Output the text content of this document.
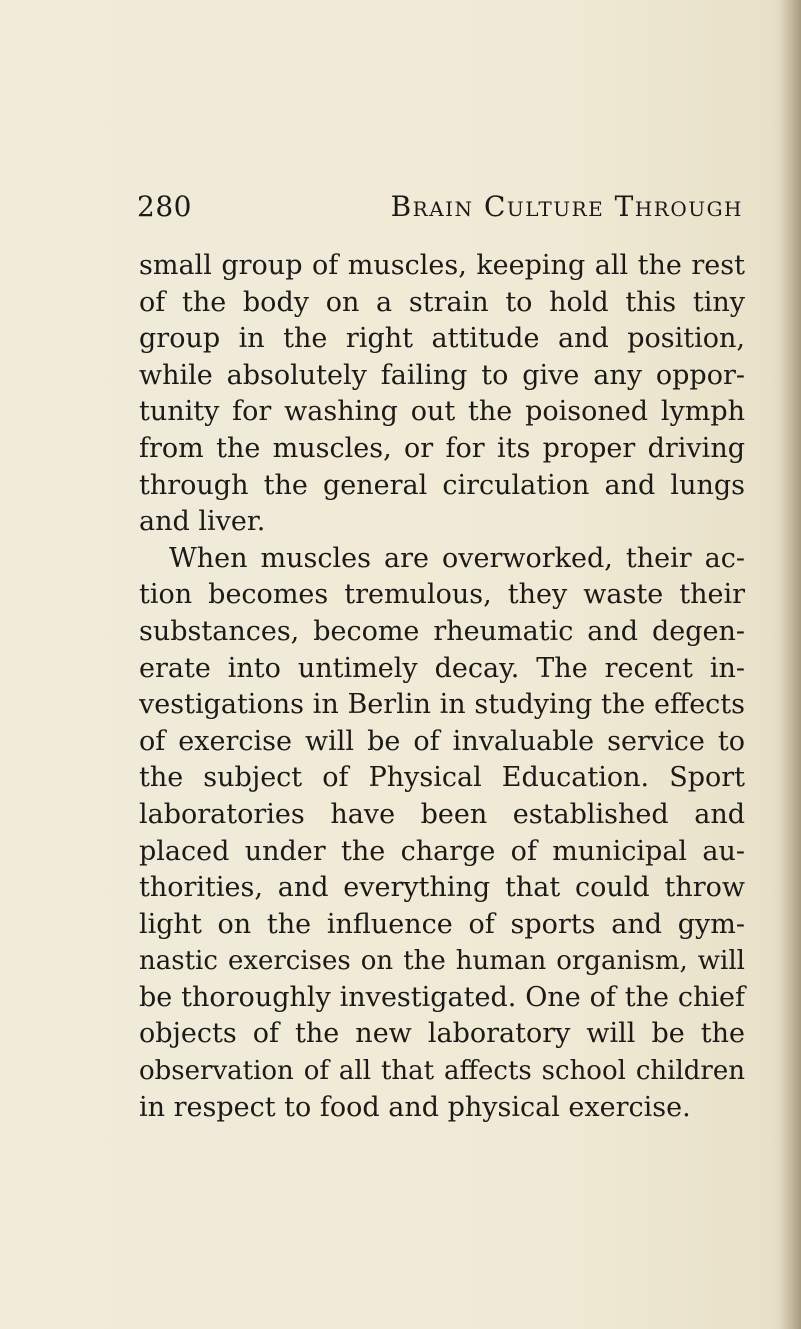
280	Brain Culture Through
small group of muscles, keeping all the rest
of the body on a strain to hold this tiny
group in the right attitude and position,
while absolutely failing to give any oppor-
tunity for washing out the poisoned lymph
from the muscles, or for its proper driving
through the general circulation and lungs
and liver.
When muscles are overworked, their ac-
tion becomes tremulous, they waste their
substances, become rheumatic and degen-
erate into untimely decay. The recent in-
vestigations in Berlin in studying the effects
of exercise will be of invaluable service to
the subject of Physical Education. Sport
laboratories have been established and
placed under the charge of municipal au-
thorities, and everything that could throw
light on the influence of sports and gym-
nastic exercises on the human organism, will
be thoroughly investigated. One of the chief
objects of the new laboratory will be the
observation of all that affects school children
in respect to food and physical exercise.
